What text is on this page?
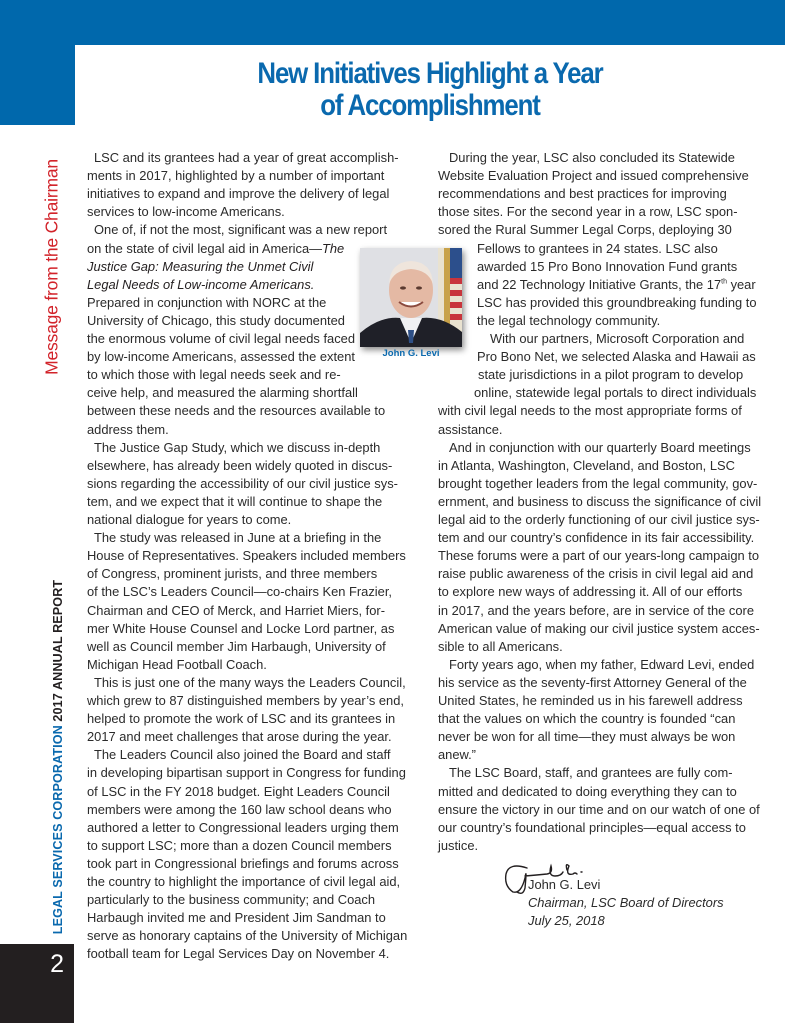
New Initiatives Highlight a Year
of Accomplishment
Message from the Chairman
LEGAL SERVICES CORPORATION 2017 ANNUAL REPORT
2
LSC and its grantees had a year of great accomplish-
ments in 2017, highlighted by a number of important
initiatives to expand and improve the delivery of legal
services to low-income Americans.
One of, if not the most, significant was a new report
on the state of civil legal aid in America—The
Justice Gap: Measuring the Unmet Civil
Legal Needs of Low-income Americans.
Prepared in conjunction with NORC at the
University of Chicago, this study documented
the enormous volume of civil legal needs faced
by low-income Americans, assessed the extent
to which those with legal needs seek and re-
ceive help, and measured the alarming shortfall
between these needs and the resources available to
address them.
The Justice Gap Study, which we discuss in-depth
elsewhere, has already been widely quoted in discus-
sions regarding the accessibility of our civil justice sys-
tem, and we expect that it will continue to shape the
national dialogue for years to come.
The study was released in June at a briefing in the
House of Representatives. Speakers included members
of Congress, prominent jurists, and three members
of the LSC’s Leaders Council—co-chairs Ken Frazier,
Chairman and CEO of Merck, and Harriet Miers, for-
mer White House Counsel and Locke Lord partner, as
well as Council member Jim Harbaugh, University of
Michigan Head Football Coach.
This is just one of the many ways the Leaders Council,
which grew to 87 distinguished members by year’s end,
helped to promote the work of LSC and its grantees in
2017 and meet challenges that arose during the year.
The Leaders Council also joined the Board and staff
in developing bipartisan support in Congress for funding
of LSC in the FY 2018 budget. Eight Leaders Council
members were among the 160 law school deans who
authored a letter to Congressional leaders urging them
to support LSC; more than a dozen Council members
took part in Congressional briefings and forums across
the country to highlight the importance of civil legal aid,
particularly to the business community; and Coach
Harbaugh invited me and President Jim Sandman to
serve as honorary captains of the University of Michigan
football team for Legal Services Day on November 4.
During the year, LSC also concluded its Statewide
Website Evaluation Project and issued comprehensive
recommendations and best practices for improving
those sites. For the second year in a row, LSC spon-
sored the Rural Summer Legal Corps, deploying 30
Fellows to grantees in 24 states. LSC also
awarded 15 Pro Bono Innovation Fund grants
and 22 Technology Initiative Grants, the 17th year
LSC has provided this groundbreaking funding to
the legal technology community.
With our partners, Microsoft Corporation and
Pro Bono Net, we selected Alaska and Hawaii as
state jurisdictions in a pilot program to develop
online, statewide legal portals to direct individuals
with civil legal needs to the most appropriate forms of
assistance.
And in conjunction with our quarterly Board meetings
in Atlanta, Washington, Cleveland, and Boston, LSC
brought together leaders from the legal community, gov-
ernment, and business to discuss the significance of civil
legal aid to the orderly functioning of our civil justice sys-
tem and our country’s confidence in its fair accessibility.
These forums were a part of our years-long campaign to
raise public awareness of the crisis in civil legal aid and
to explore new ways of addressing it. All of our efforts
in 2017, and the years before, are in service of the core
American value of making our civil justice system acces-
sible to all Americans.
Forty years ago, when my father, Edward Levi, ended
his service as the seventy-first Attorney General of the
United States, he reminded us in his farewell address
that the values on which the country is founded “can
never be won for all time—they must always be won
anew.”
The LSC Board, staff, and grantees are fully com-
mitted and dedicated to doing everything they can to
ensure the victory in our time and on our watch of one of
our country’s foundational principles—equal access to
justice.
John G. Levi
John G. Levi
Chairman, LSC Board of Directors
July 25, 2018
